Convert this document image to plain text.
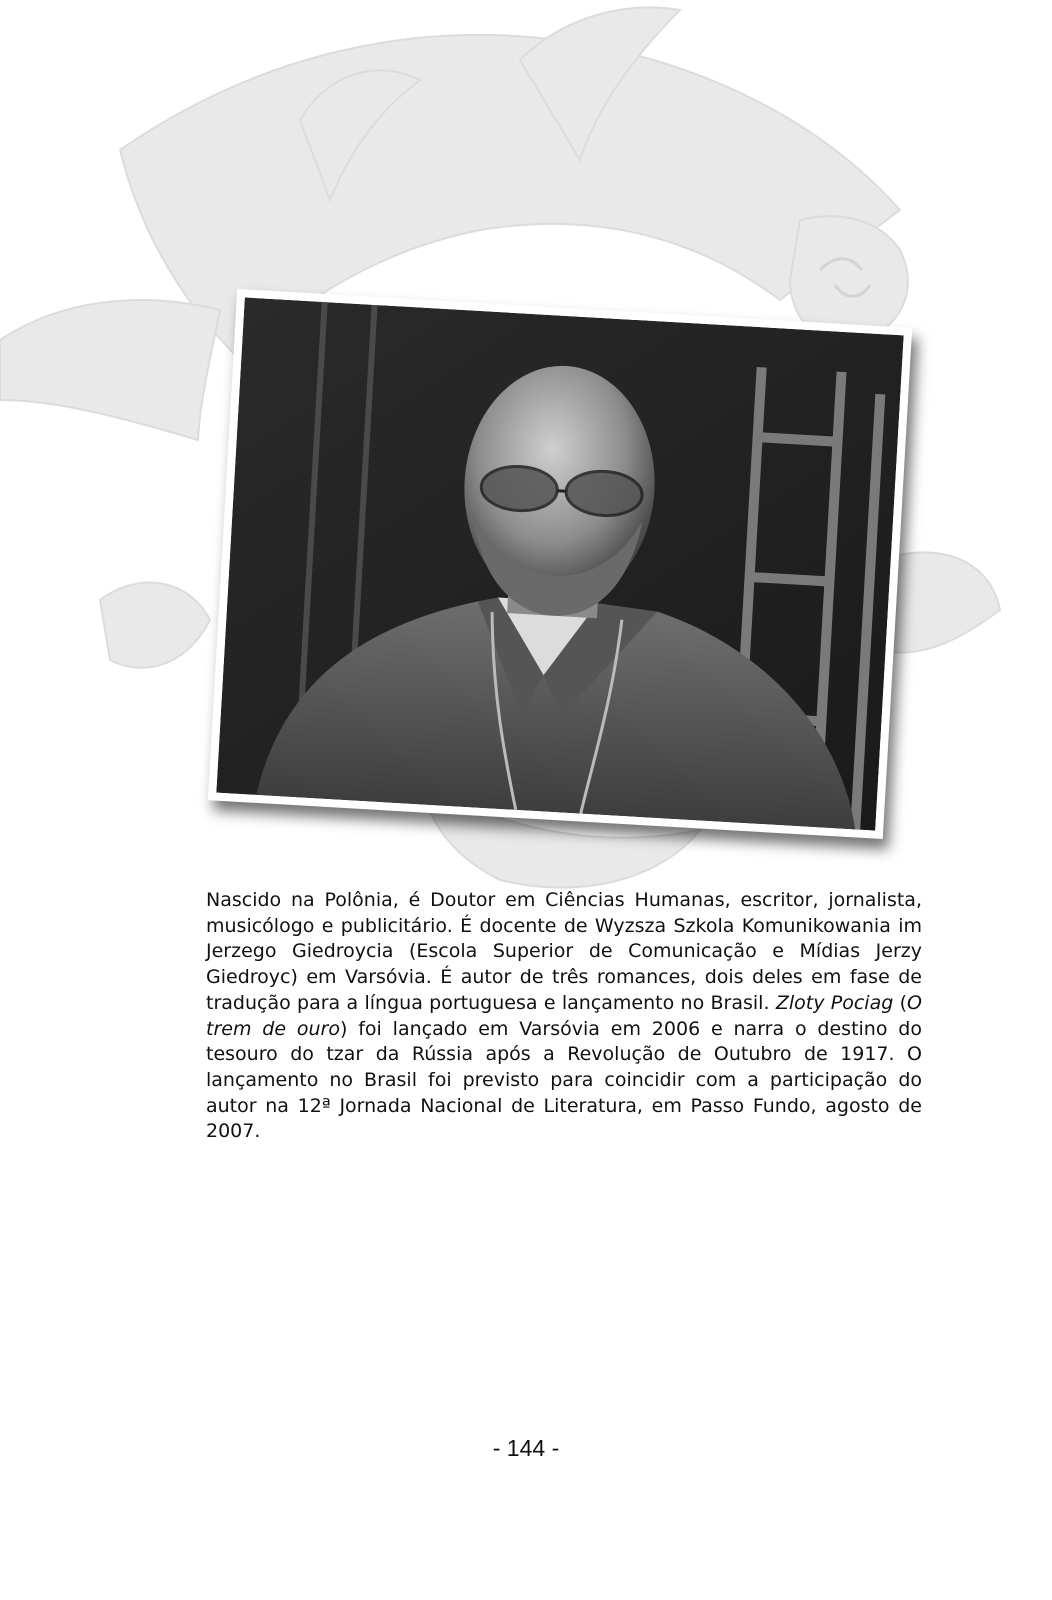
Nascido na Polônia, é Doutor em Ciências Humanas, escritor, jornalista, musicólogo e publicitário. É docente de Wyzsza Szkola Komunikowania im Jerzego Giedroycia (Escola Superior de Comunicação e Mídias Jerzy Giedroyc) em Varsóvia. É autor de três romances, dois deles em fase de tradução para a língua portuguesa e lançamento no Brasil. Zloty Pociag (O trem de ouro) foi lançado em Varsóvia em 2006 e narra o destino do tesouro do tzar da Rússia após a Revolução de Outubro de 1917. O lançamento no Brasil foi previsto para coincidir com a participação do autor na 12ª Jornada Nacional de Literatura, em Passo Fundo, agosto de 2007.

- 144 -
